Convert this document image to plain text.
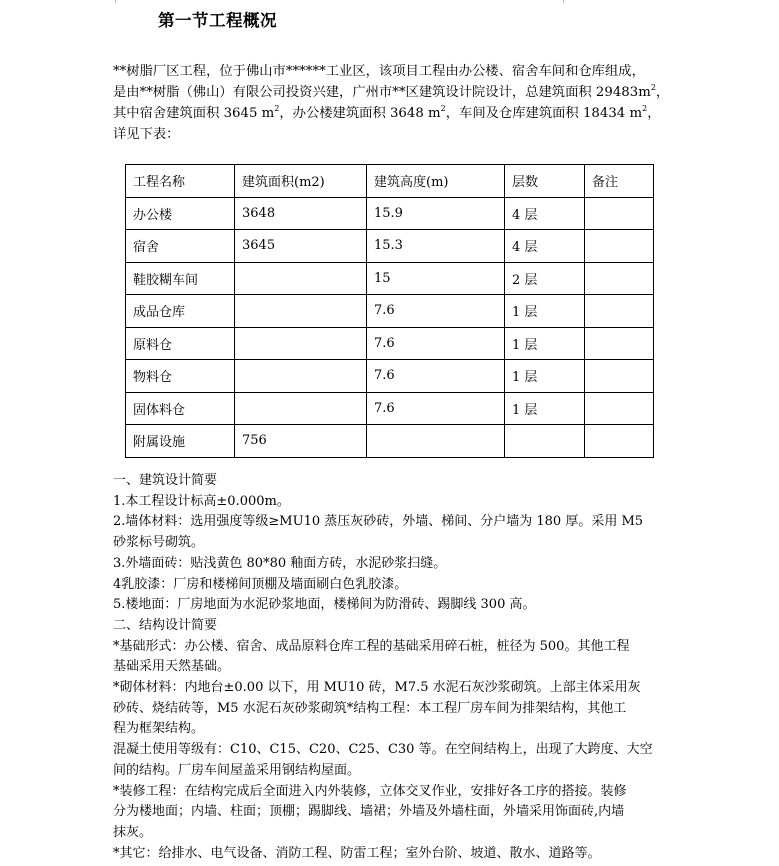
第一节工程概况

**树脂厂区工程，位于佛山市******工业区，该项目工程由办公楼、宿舍车间和仓库组成，

是由**树脂（佛山）有限公司投资兴建，广州市**区建筑设计院设计，总建筑面积 $29483m^2$，

其中宿舍建筑面积 3645 $m^2$，办公楼建筑面积 3648 $m^2$，车间及仓库建筑面积 18434 $m^2$，

详见下表：

工程名称	建筑面积(m2)	建筑高度(m)	层数	备注
办公楼	3648	15.9	4 层	
宿舍	3645	15.3	4 层	
鞋胶糊车间		15	2 层	
成品仓库		7.6	1 层	
原料仓		7.6	1 层	
物料仓		7.6	1 层	
固体料仓		7.6	1 层	
附属设施	756			

一、建筑设计简要

1.本工程设计标高±0.000m。

2.墙体材料：选用强度等级≥MU10 蒸压灰砂砖，外墙、梯间、分户墙为 180 厚。采用 M5

砂浆标号砌筑。

3.外墙面砖：贴浅黄色 80*80 釉面方砖，水泥砂浆扫缝。

4乳胶漆：厂房和楼梯间顶棚及墙面刷白色乳胶漆。

5.楼地面：厂房地面为水泥砂浆地面，楼梯间为防滑砖、踢脚线 300 高。

二、结构设计简要

*基础形式：办公楼、宿舍、成品原料仓库工程的基础采用碎石桩，桩径为 500。其他工程

基础采用天然基础。

*砌体材料：内地台±0.00 以下，用 MU10 砖，M7.5 水泥石灰沙浆砌筑。上部主体采用灰

砂砖、烧结砖等，M5 水泥石灰砂浆砌筑*结构工程：本工程厂房车间为排架结构，其他工

程为框架结构。

混凝土使用等级有：C10、C15、C20、C25、C30 等。在空间结构上，出现了大跨度、大空

间的结构。厂房车间屋盖采用钢结构屋面。

*装修工程：在结构完成后全面进入内外装修，立体交叉作业，安排好各工序的搭接。装修

分为楼地面；内墙、柱面；顶棚；踢脚线、墙裙；外墙及外墙柱面，外墙采用饰面砖,内墙

抹灰。

*其它：给排水、电气设备、消防工程、防雷工程；室外台阶、坡道、散水、道路等。
